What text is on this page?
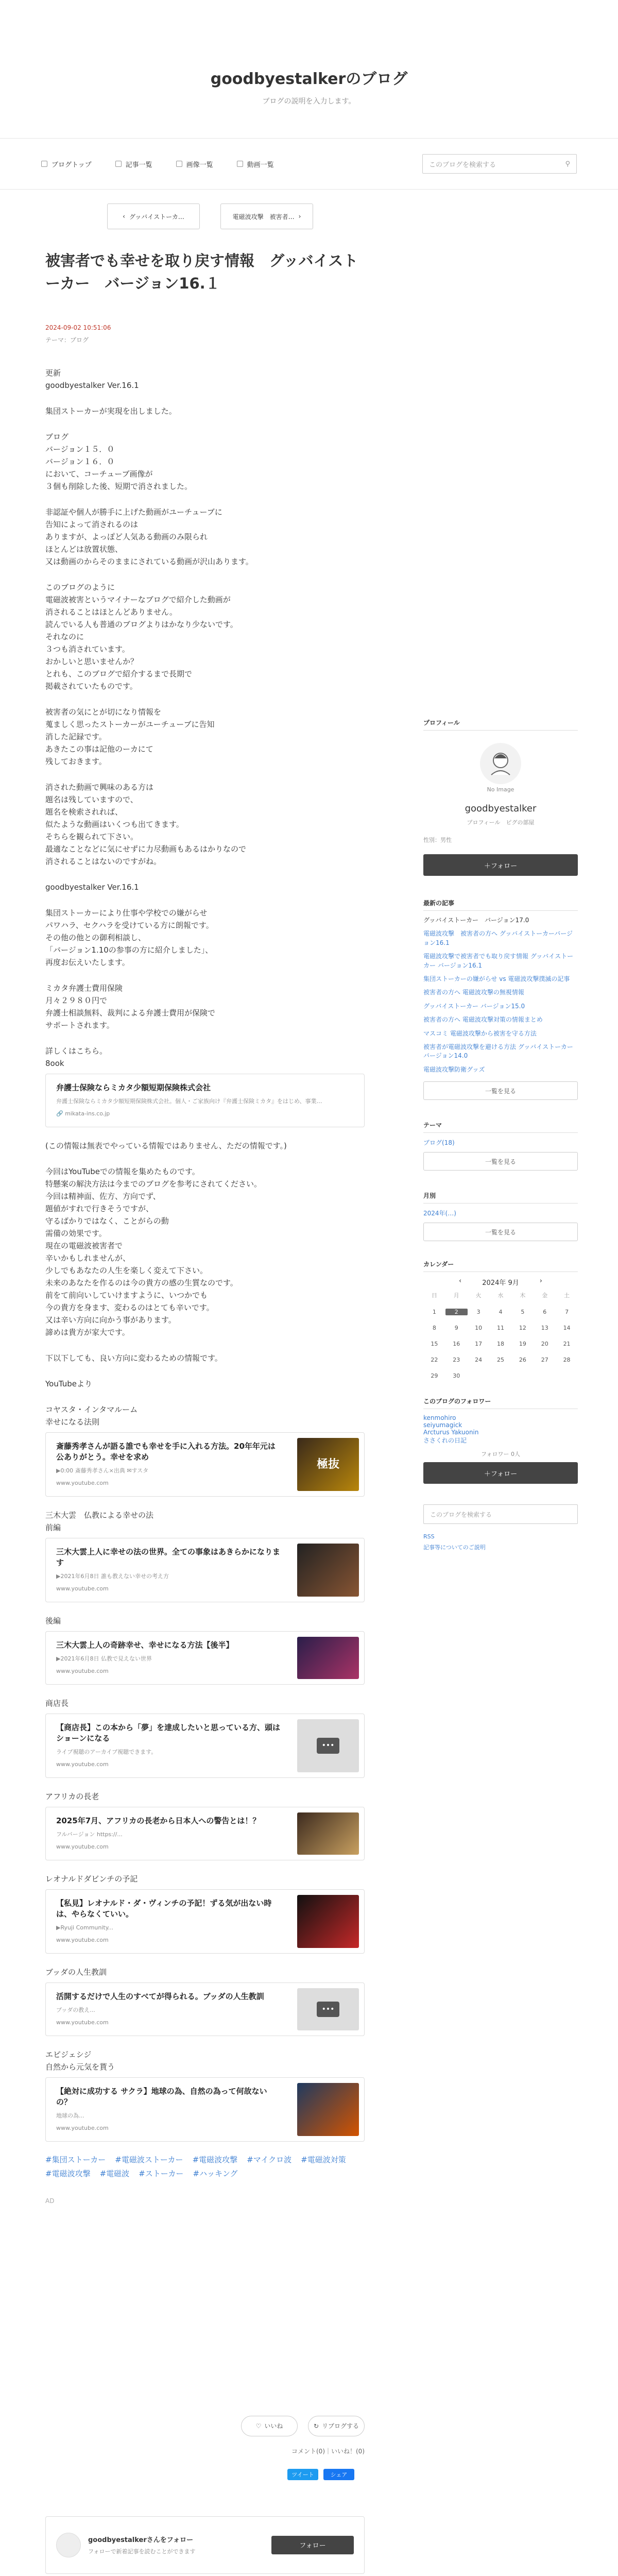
goodbyestalkerのブログ
ブログの説明を入力します。
ブログトップ	記事一覧	画像一覧	動画一覧	このブログを検索する	⚲
‹ グッバイストーカ…	電磁波攻撃　被害者… ›
被害者でも幸せを取り戻す情報　グッバイストーカー　バージョン16.１
2024-09-02 10:51:06
テーマ：ブログ
更新
goodbyestalker Ver.16.1
集団ストーカーが実現を出しました。
ブログ
バージョン１５．０
バージョン１６．０
において、コーチューブ画像が
３個も削除した後、短期で消されました。
非認証や個人が勝手に上げた動画がユーチューブに
告知によって消されるのは
ありますが、よっぽど人気ある動画のみ限られ
ほとんどは放置状態、
又は動画のからそのままにされている動画が沢山あります。
このブログのように
電磁波被害というマイナーなブログで紹介した動画が
消されることはほとんどありません。
読んでいる人も普通のブログよりはかなり少ないです。
それなのに
３つも消されています。
おかしいと思いませんか？
とれも、このブログで紹介するまで長期で
掲載されていたものです。
被害者の気にとが切になり情報を
蒐ましく思ったストーカーがユーチューブに告知
消した記録です。
あきたこの事は記他のーカにて
残しておきます。
消された動画で興味のある方は
題名は残していますので、
題名を検索されれば、
似たような動画はいくつも出てきます。
そちらを観られて下さい。
最適なことなどに気にせずに力尽動画もあるはかりなので
消されることはないのですがね。
goodbyestalker Ver.16.1
集団ストーカーにより仕事や学校での嫌がらせ
パワハラ、セクハラを受けている方に朗報です。
その他の他との御利相談し、
「バージョン1.10の参事の方に紹介しました」、
再度お伝えいたします。
ミカタ弁護士費用保険
月々２９８０円で
弁護士相談無料、裁判による弁護士費用が保険で
サポートされます。
詳しくはこちら。
8ook
弁護士保険ならミカタ少額短期保険株式会社
弁護士保険ならミカタ少額短期保険株式会社。個人・ご家族向け『弁護士保険ミカタ』をはじめ、事業…
🔗 mikata-ins.co.jp
(この情報は無表でやっている情報ではありません、ただの情報です。)
今回はYouTubeでの情報を集めたものです。
特懸案の解決方法は今までのブログを参考にされてください。
今回は精神面、佐方、方向でず、
題値がすれで行きそうですが、
守るばかりではなく、ことがらの動
需備の効果です。
現在の電磁波被害者で
辛いかもしれませんが、
少しでもあなたの人生を楽しく変えて下さい。
未来のあなたを作るのは今の貴方の感の生質なのです。
前をて前向いしていけますように、いつかでも
今の貴方を身ます、変わるのはとても辛いです。
又は辛い方向に向かう事があります。
諦めは貴方が家大です。
下以下しても、良い方向に変わるための情報です。
YouTubeより
コヤスタ・インタマルーム
幸せになる法則
斎藤秀孝さんが語る誰でも幸せを手に入れる方法。20年年元は公ありがとう。幸せを求め
▶0:00 斎藤秀孝さん×出典 ✉すスタ
www.youtube.com
極抜
三木大雲　仏教による幸せの法
前編
三木大雲上人に幸せの法の世界。全ての事象はあきらかになります
▶2021年6月8日 誰も教えない幸せの考え方
www.youtube.com
後編
三木大雲上人の奇跡幸せ、幸せになる方法【後半】
▶2021年6月8日 仏教で見えない世界
www.youtube.com
商店長
【商店長】この本から「夢」を達成したいと思っている方、頭はショーンになる
ライブ視聴のアーカイブ視聴できます。
www.youtube.com
•••
アフリカの長老
2025年7月、アフリカの長老から日本人への警告とは！？
フルバージョン https://...
www.youtube.com
レオナルドダビンチの予記
【私見】レオナルド・ダ・ヴィンチの予記！ずる気が出ない時は、やらなくていい。
▶Ryuji Community...
www.youtube.com
ブッダの人生教訓
活開するだけで人生のすべてが得られる。ブッダの人生教訓
ブッダの教え...
www.youtube.com
•••
エピジェシジ
自然から元気を貰う
【絶対に成功する サクラ】地球の為、自然の為って何故ないの？
地球の為...
www.youtube.com
#集団ストーカー #電磁波ストーカー #電磁波攻撃 #マイクロ波 #電磁波対策
#電磁波攻撃 #電磁波 #ストーカー #ハッキング
AD
♡ いいね	↻ リブログする
コメント(0)｜いいね！(0)
ツイート	シェア
goodbyestalkerさんをフォロー
フォローで新着記事を読むことができます
フォロー
プロフィール
No Image
goodbyestalker
プロフィール　ピグの部屋
性別：男性
＋フォロー
最新の記事
グッバイストーカー　バージョン17.0
電磁波攻撃　被害者の方へ グッバイストーカーバージョン16.1
電磁波攻撃で被害者でも取り戻す情報 グッバイストーカー バージョン16.1
集団ストーカーの嫌がらせ vs 電磁波攻撃撲滅の記事
被害者の方へ 電磁波攻撃の無視情報
グッバイストーカー バージョン15.0
被害者の方へ 電磁波攻撃対策の情報まとめ
マスコミ 電磁波攻撃から被害を守る方法
被害者が電磁波攻撃を避ける方法 グッバイストーカー バージョン14.0
電磁波攻撃防衛グッズ
一覧を見る
テーマ
ブログ(18)
一覧を見る
月別
2024年(…)
一覧を見る
カレンダー
‹	2024年 9月	›
日	月	火	水	木	金	土
1	2	3	4	5	6	7
8	9	10	11	12	13	14
15	16	17	18	19	20	21
22	23	24	25	26	27	28
29	30
このブログのフォロワー
kenmohiro
seiyumagick
Arcturus Yakuonin
ささくれの日記
フォロワー 0人
＋フォロー
このブログを検索する
RSS
記事等についてのご説明
